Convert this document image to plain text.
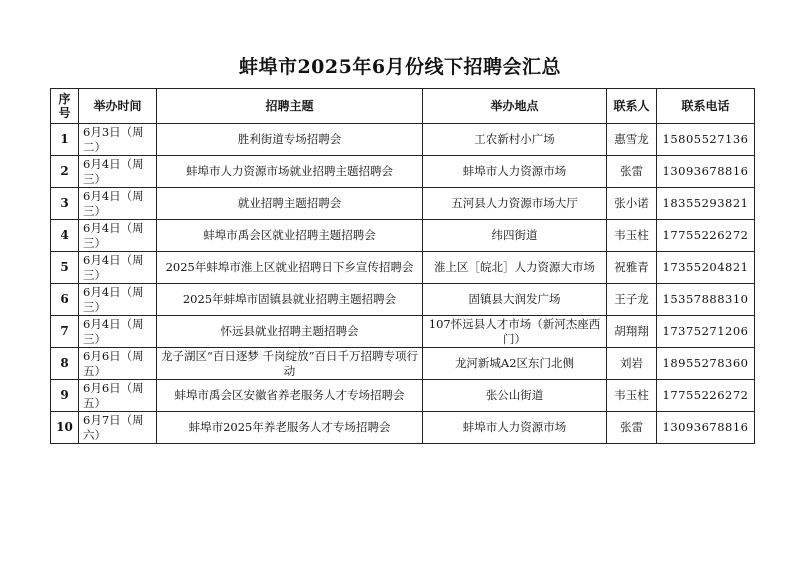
蚌埠市2025年6月份线下招聘会汇总
序号	举办时间	招聘主题	举办地点	联系人	联系电话
1	6月3日（周二）	胜利街道专场招聘会	工农新村小广场	惠雪龙	15805527136
2	6月4日（周三）	蚌埠市人力资源市场就业招聘主题招聘会	蚌埠市人力资源市场	张雷	13093678816
3	6月4日（周三）	就业招聘主题招聘会	五河县人力资源市场大厅	张小诺	18355293821
4	6月4日（周三）	蚌埠市禹会区就业招聘主题招聘会	纬四街道	韦玉柱	17755226272
5	6月4日（周三）	2025年蚌埠市淮上区就业招聘日下乡宣传招聘会	淮上区［皖北］人力资源大市场	祝雅青	17355204821
6	6月4日（周三）	2025年蚌埠市固镇县就业招聘主题招聘会	固镇县大润发广场	王子龙	15357888310
7	6月4日（周三）	怀远县就业招聘主题招聘会	107怀远县人才市场（新河杰座西门）	胡翔翔	17375271206
8	6月6日（周五）	龙子湖区“百日逐梦 千岗绽放”百日千万招聘专项行动	龙河新城A2区东门北侧	刘岩	18955278360
9	6月6日（周五）	蚌埠市禹会区安徽省养老服务人才专场招聘会	张公山街道	韦玉柱	17755226272
10	6月7日（周六）	蚌埠市2025年养老服务人才专场招聘会	蚌埠市人力资源市场	张雷	13093678816
